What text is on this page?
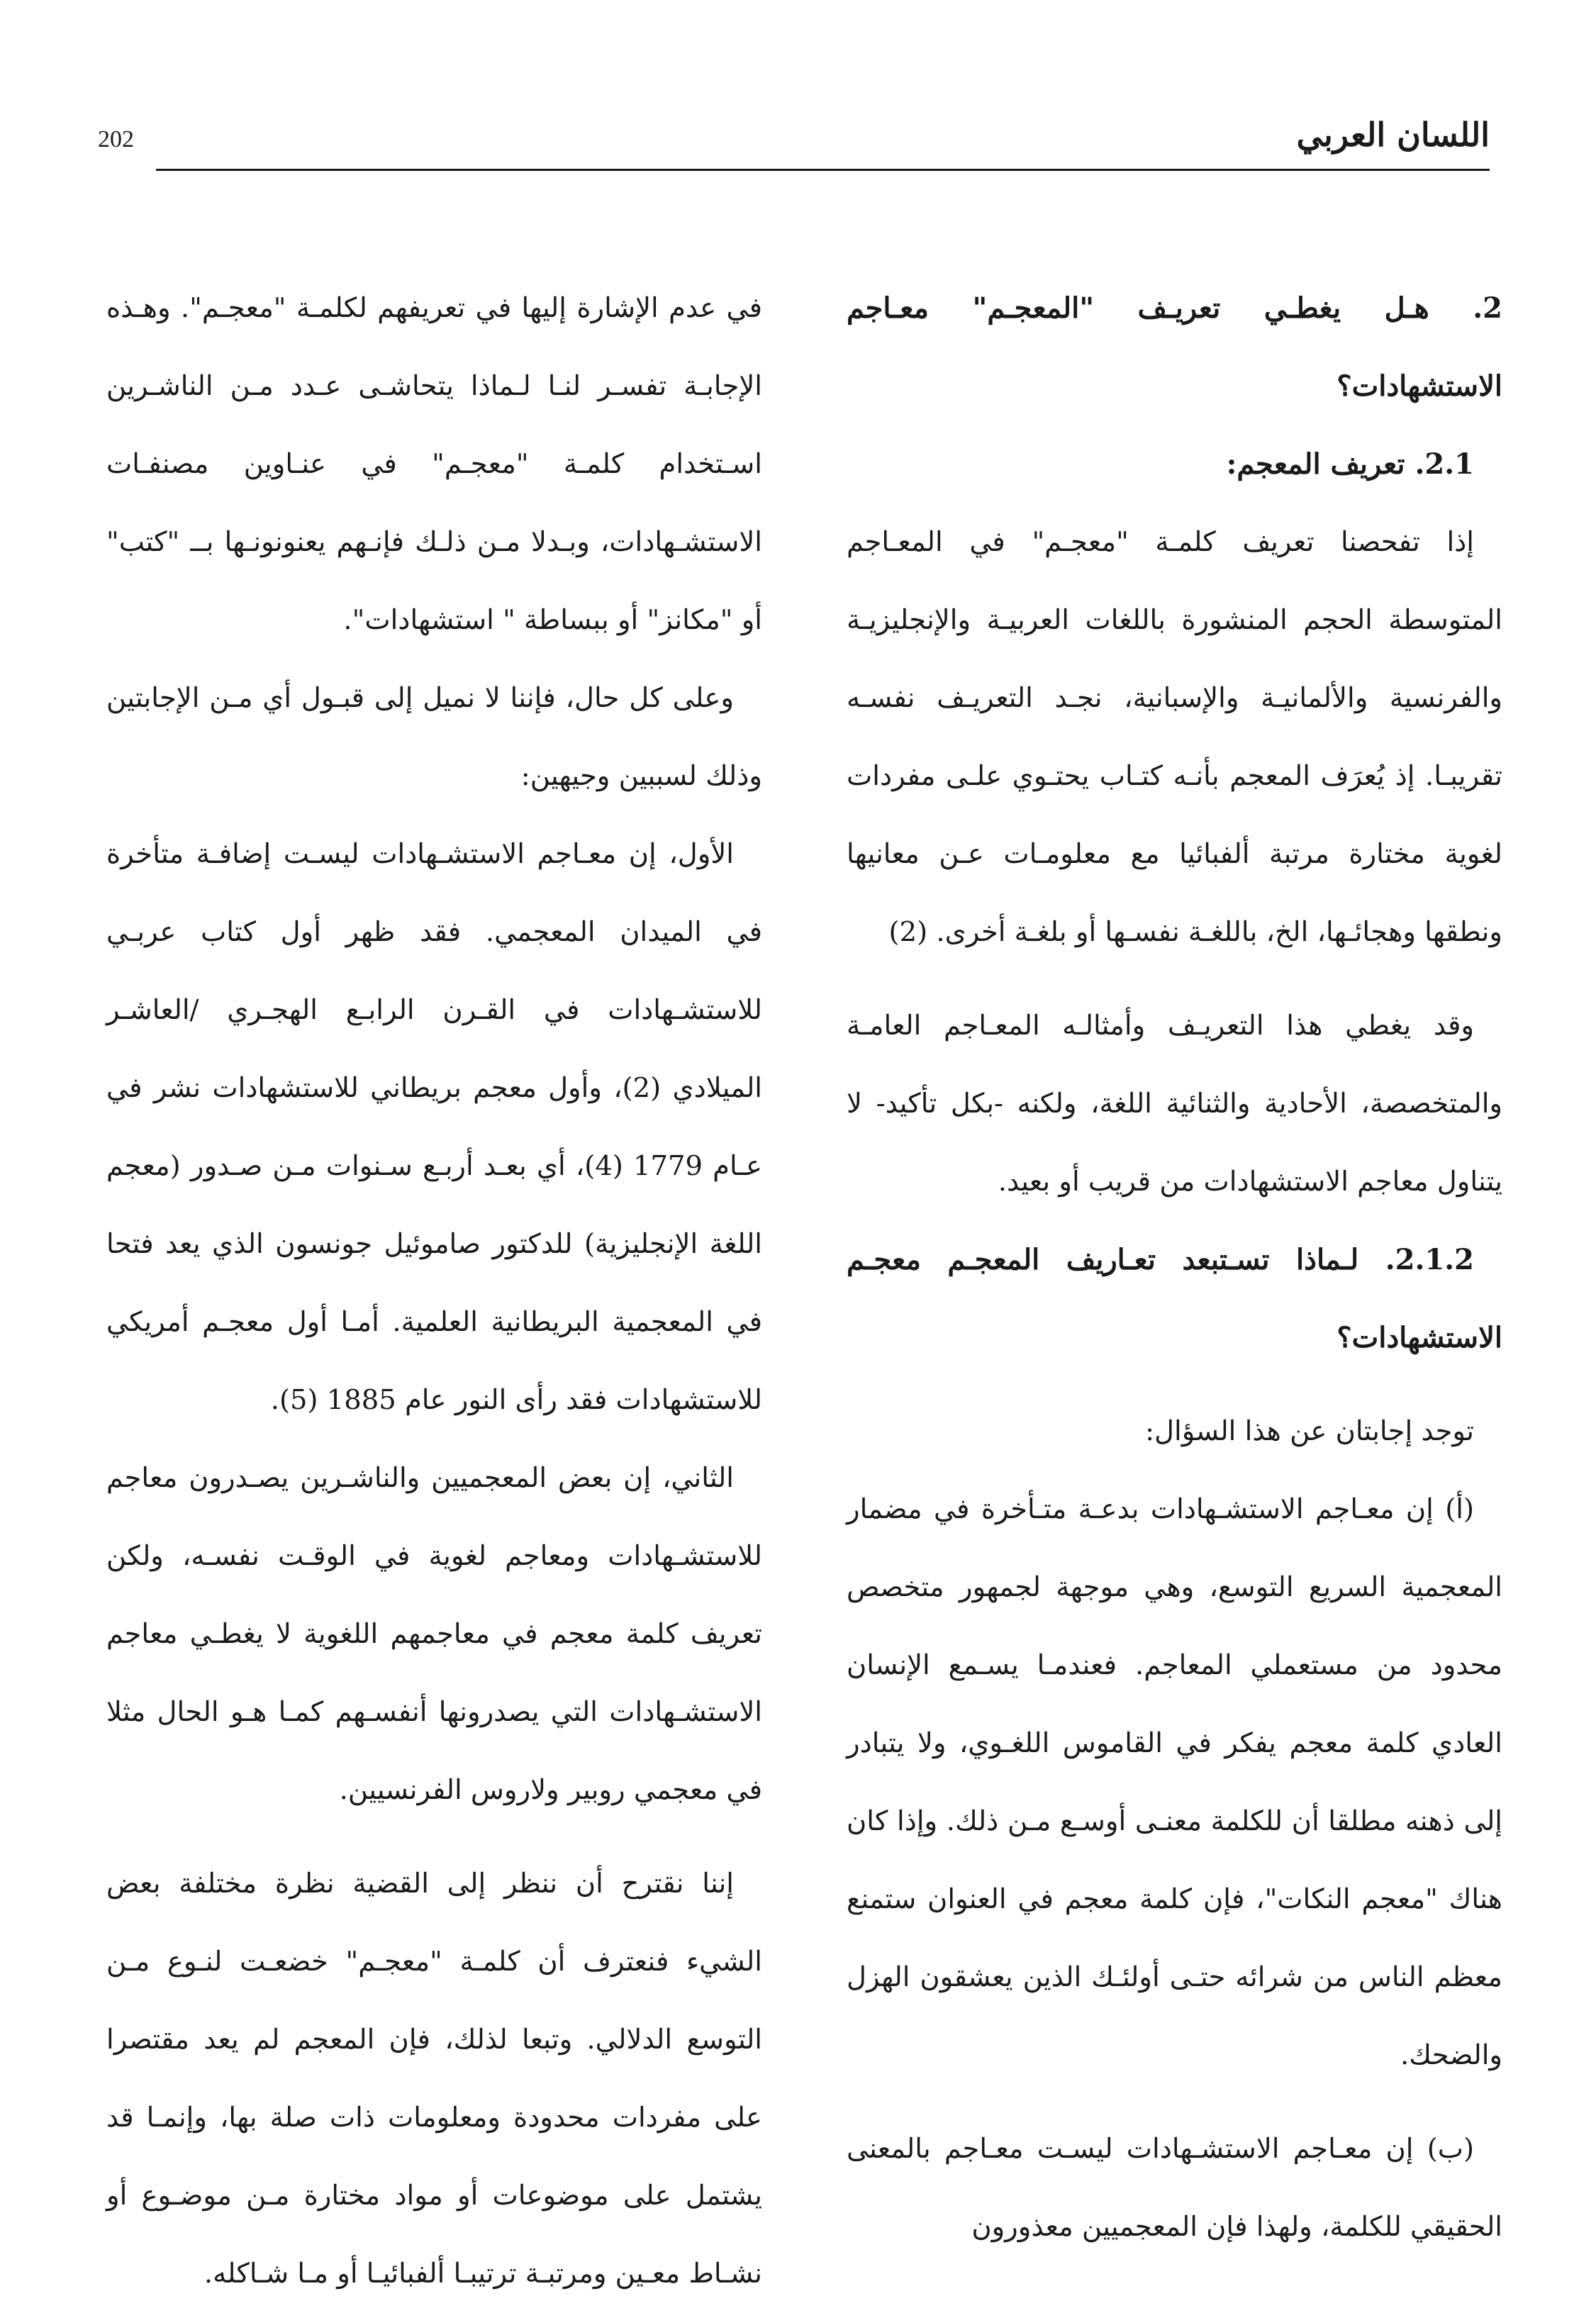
202	اللسان العربي

2. هـل يغطـي تعريـف "المعجـم" معـاجم الاستشهادات؟

2.1. تعريف المعجم:

إذا تفحصنا تعريف كلمـة "معجـم" في المعـاجم المتوسطة الحجم المنشورة باللغات العربيـة والإنجليزيـة والفرنسية والألمانيـة والإسبانية، نجـد التعريـف نفسـه تقريبـا. إذ يُعرَف المعجم بأنـه كتـاب يحتـوي علـى مفردات لغوية مختارة مرتبة ألفبائيا مع معلومـات عـن معانيها ونطقها وهجائـها، الخ، باللغـة نفسـها أو بلغـة أخرى. (2)

وقد يغطي هذا التعريـف وأمثالـه المعـاجم العامـة والمتخصصة، الأحادية والثنائية اللغة، ولكنه -بكل تأكيد- لا يتناول معاجم الاستشهادات من قريب أو بعيد.

2.1.2. لـماذا تسـتبعد تعـاريف المعجـم معجـم الاستشهادات؟

توجد إجابتان عن هذا السؤال:

(أ) إن معـاجم الاستشـهادات بدعـة متـأخرة في مضمار المعجمية السريع التوسع، وهي موجهة لجمهور متخصص محدود من مستعملي المعاجم. فعندمـا يسـمع الإنسان العادي كلمة معجم يفكر في القاموس اللغـوي، ولا يتبادر إلى ذهنه مطلقا أن للكلمة معنـى أوسـع مـن ذلك. وإذا كان هناك "معجم النكات"، فإن كلمة معجم في العنوان ستمنع معظم الناس من شرائه حتـى أولئـك الذين يعشقون الهزل والضحك.

(ب) إن معـاجم الاستشـهادات ليسـت معـاجم بالمعنى الحقيقي للكلمة، ولهذا فإن المعجميين معذورون

في عدم الإشارة إليها في تعريفهم لكلمـة "معجـم". وهـذه الإجابـة تفسـر لنـا لـماذا يتحاشـى عـدد مـن الناشـرين اسـتخدام كلمـة "معجـم" في عنـاوين مصنفـات الاستشـهادات، وبـدلا مـن ذلـك فإنـهم يعنونونـها بــ "كتب" أو "مكانز" أو ببساطة " استشهادات".

وعلى كل حال، فإننا لا نميل إلى قبـول أي مـن الإجابتين وذلك لسببين وجيهين:

الأول، إن معـاجم الاستشـهادات ليسـت إضافـة متأخرة في الميدان المعجمي. فقد ظهر أول كتاب عربـي للاستشـهادات في القـرن الرابـع الهجـري /العاشـر الميلادي (2)، وأول معجم بريطاني للاستشهادات نشر في عـام 1779 (4)، أي بعـد أربـع سـنوات مـن صـدور (معجم اللغة الإنجليزية) للدكتور صاموئيل جونسون الذي يعد فتحا في المعجمية البريطانية العلمية. أمـا أول معجـم أمريكي للاستشهادات فقد رأى النور عام 1885 (5).

الثاني، إن بعض المعجميين والناشـرين يصـدرون معاجم للاستشـهادات ومعاجم لغوية في الوقـت نفسـه، ولكن تعريف كلمة معجم في معاجمهم اللغوية لا يغطـي معاجم الاستشـهادات التي يصدرونها أنفسـهم كمـا هـو الحال مثلا في معجمي روبير ولاروس الفرنسيين.

إننا نقترح أن ننظر إلى القضية نظرة مختلفة بعض الشيء فنعترف أن كلمـة "معجـم" خضعـت لنـوع مـن التوسع الدلالي. وتبعا لذلك، فإن المعجم لم يعد مقتصرا على مفردات محدودة ومعلومات ذات صلة بها، وإنمـا قد يشتمل على موضوعات أو مواد مختارة مـن موضـوع أو نشـاط معـين ومرتبـة ترتيبـا ألفبائيـا أو مـا شـاكله.
